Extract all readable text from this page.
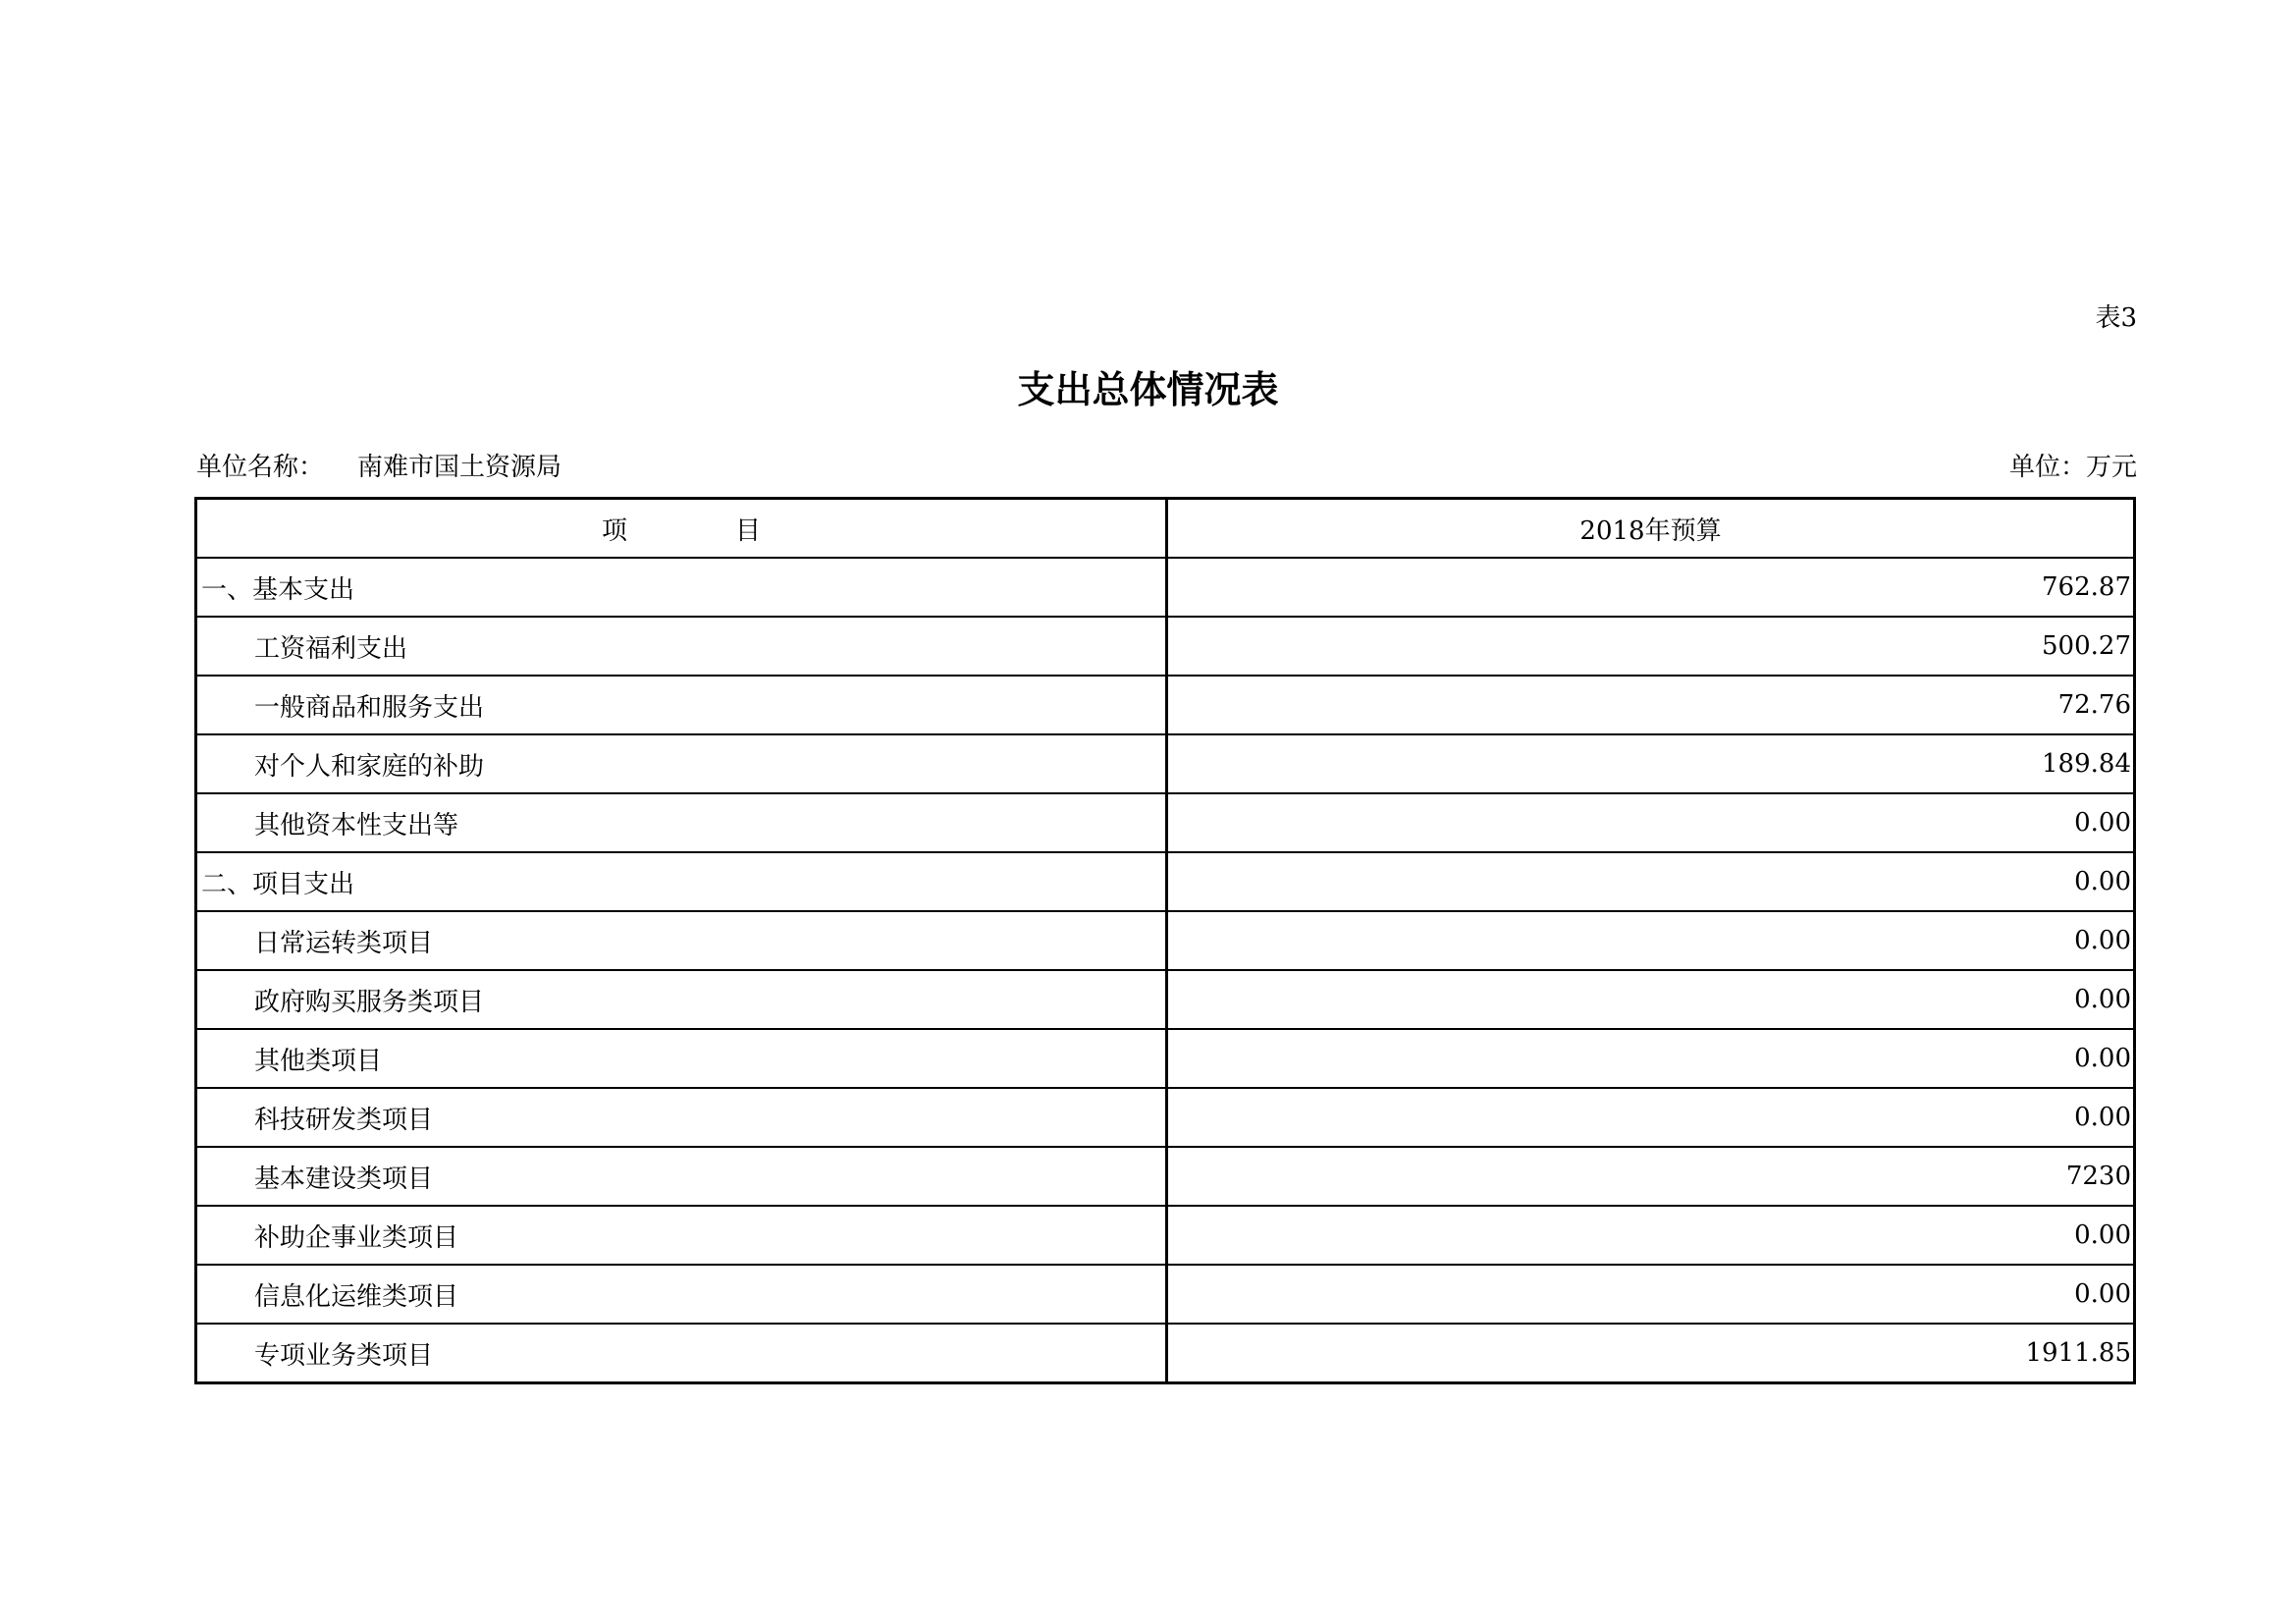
表3
支出总体情况表
单位名称： 南难市国土资源局	单位：万元
项 目	2018年预算
一、基本支出	762.87
工资福利支出	500.27
一般商品和服务支出	72.76
对个人和家庭的补助	189.84
其他资本性支出等	0.00
二、项目支出	0.00
日常运转类项目	0.00
政府购买服务类项目	0.00
其他类项目	0.00
科技研发类项目	0.00
基本建设类项目	7230
补助企事业类项目	0.00
信息化运维类项目	0.00
专项业务类项目	1911.85
